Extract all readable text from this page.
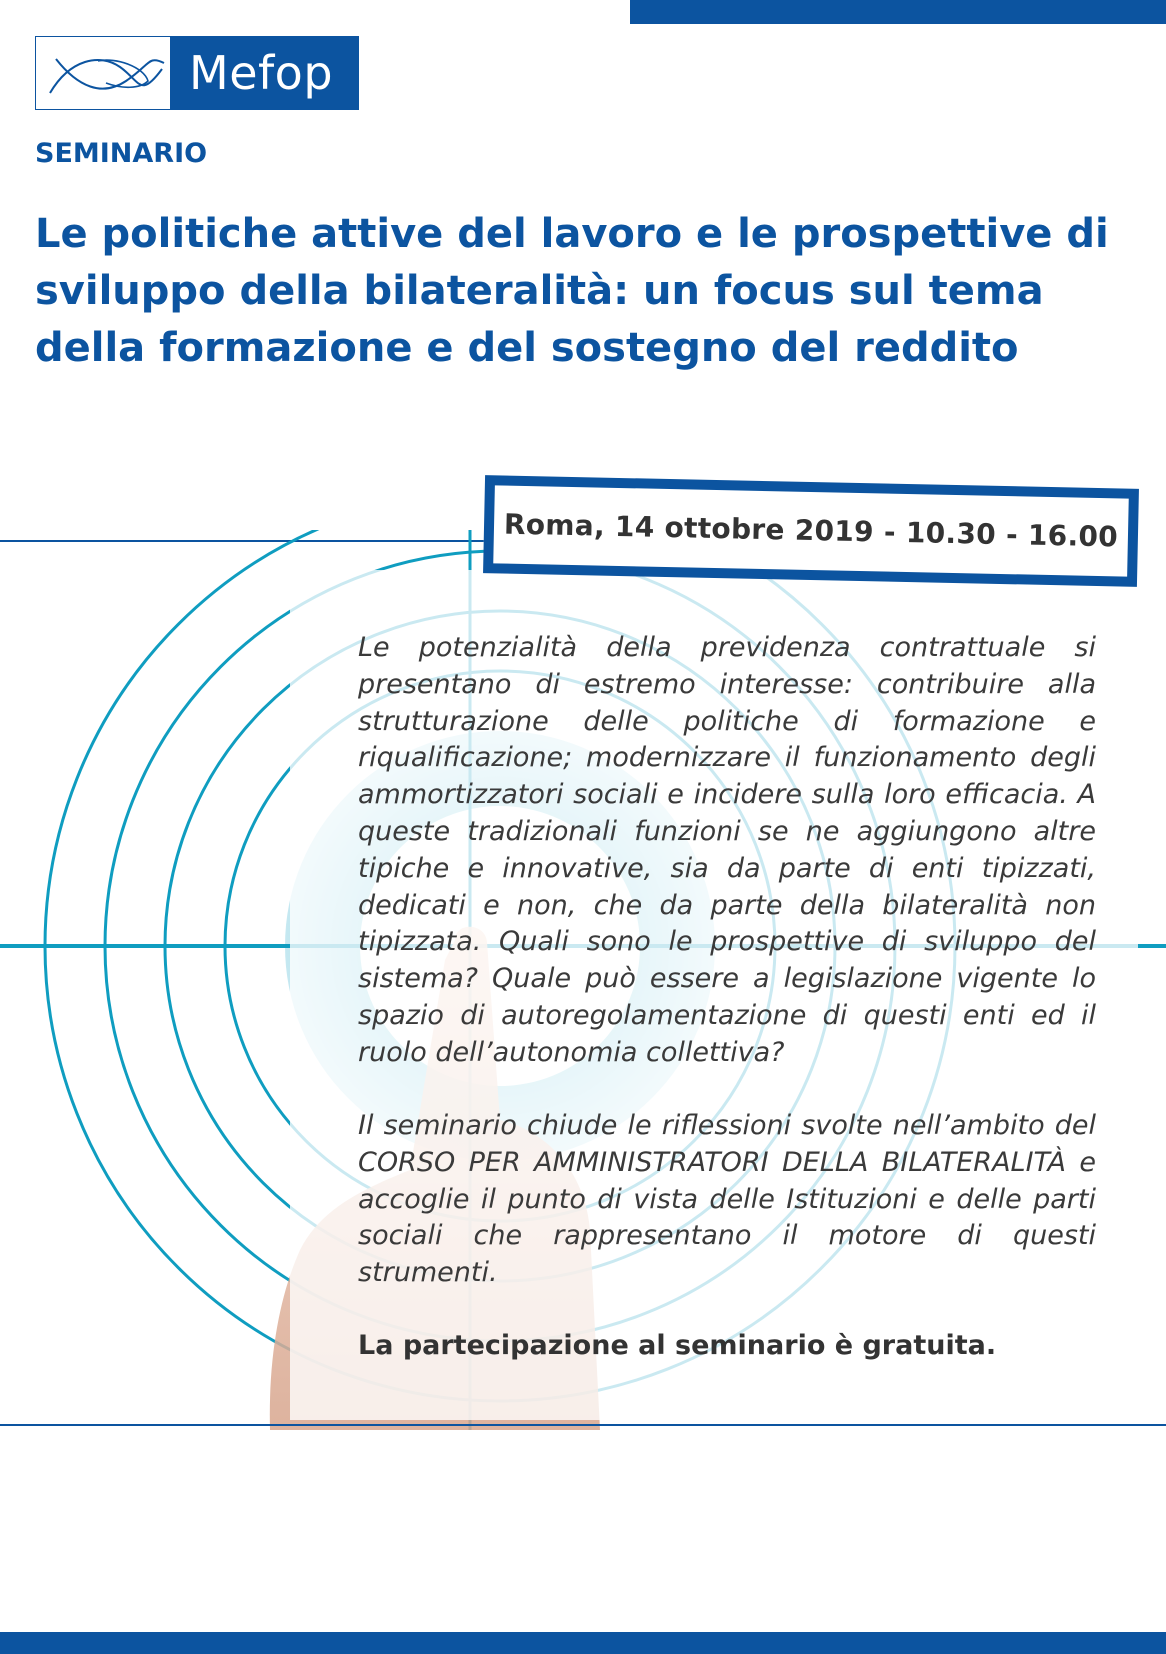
Mefop

SEMINARIO

Le politiche attive del lavoro e le prospettive di sviluppo della bilateralità: un focus sul tema della formazione e del sostegno del reddito
Roma, 14 ottobre 2019 - 10.30 - 16.00

Le potenzialità della previdenza contrattuale si presentano di estremo interesse: contribuire alla strutturazione delle politiche di formazione e riqualificazione; modernizzare il funzionamento degli ammortizzatori sociali e incidere sulla loro efficacia. A queste tradizionali funzioni se ne aggiungono altre tipiche e innovative, sia da parte di enti tipizzati, dedicati e non, che da parte della bilateralità non tipizzata. Quali sono le prospettive di sviluppo del sistema? Quale può essere a legislazione vigente lo spazio di autoregolamentazione di questi enti ed il ruolo dell’autonomia collettiva?

Il seminario chiude le riflessioni svolte nell’ambito del CORSO PER AMMINISTRATORI DELLA BILATERALITÀ e accoglie il punto di vista delle Istituzioni e delle parti sociali che rappresentano il motore di questi strumenti.

La partecipazione al seminario è gratuita.
